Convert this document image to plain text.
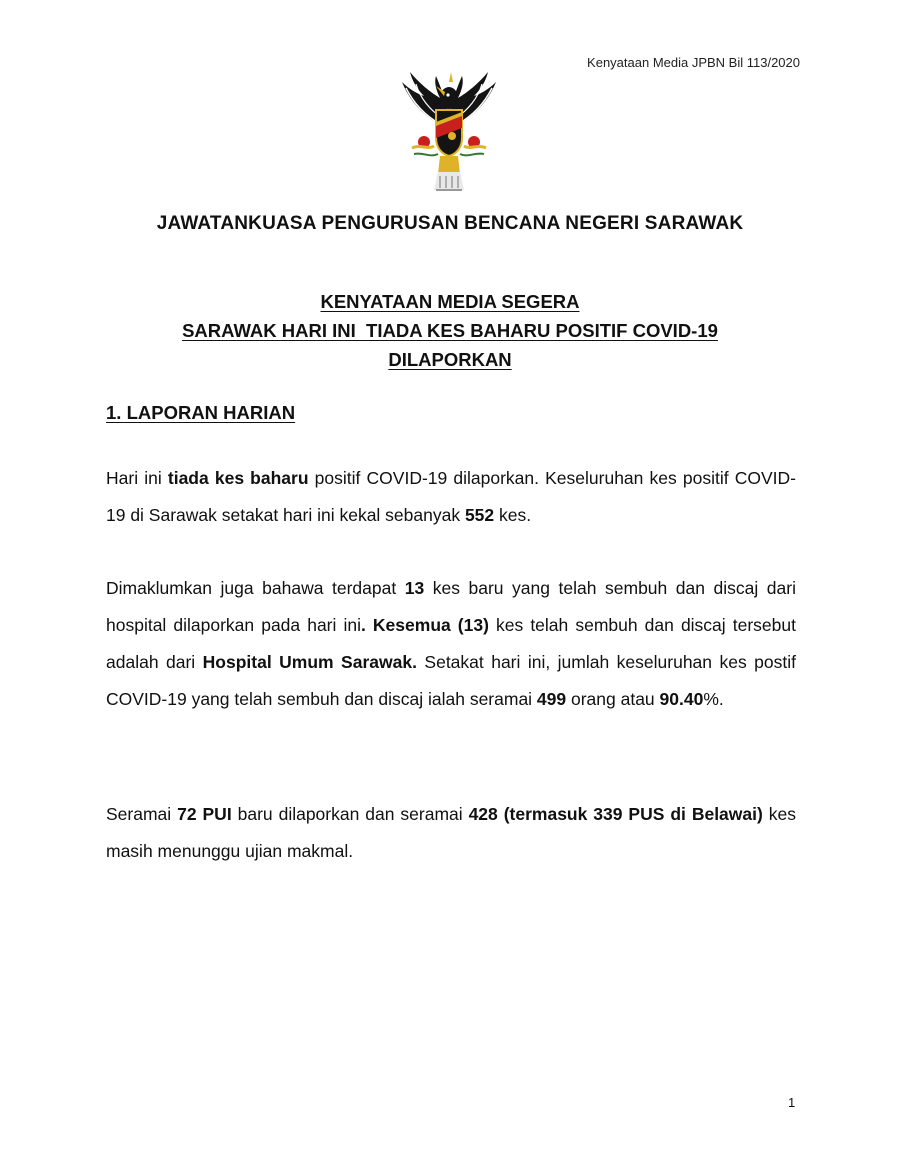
Kenyataan Media JPBN Bil 113/2020
JAWATANKUASA PENGURUSAN BENCANA NEGERI SARAWAK
KENYATAAN MEDIA SEGERA
SARAWAK HARI INI  TIADA KES BAHARU POSITIF COVID-19
DILAPORKAN
1. LAPORAN HARIAN
Hari ini tiada kes baharu positif COVID-19 dilaporkan. Keseluruhan kes positif COVID-19 di Sarawak setakat hari ini kekal sebanyak 552 kes.
Dimaklumkan juga bahawa terdapat 13 kes baru yang telah sembuh dan discaj dari hospital dilaporkan pada hari ini. Kesemua (13) kes telah sembuh dan discaj tersebut adalah dari Hospital Umum Sarawak. Setakat hari ini, jumlah keseluruhan kes postif COVID-19 yang telah sembuh dan discaj ialah seramai 499 orang atau 90.40%.
Seramai 72 PUI baru dilaporkan dan seramai 428 (termasuk 339 PUS di Belawai) kes masih menunggu ujian makmal.
1
